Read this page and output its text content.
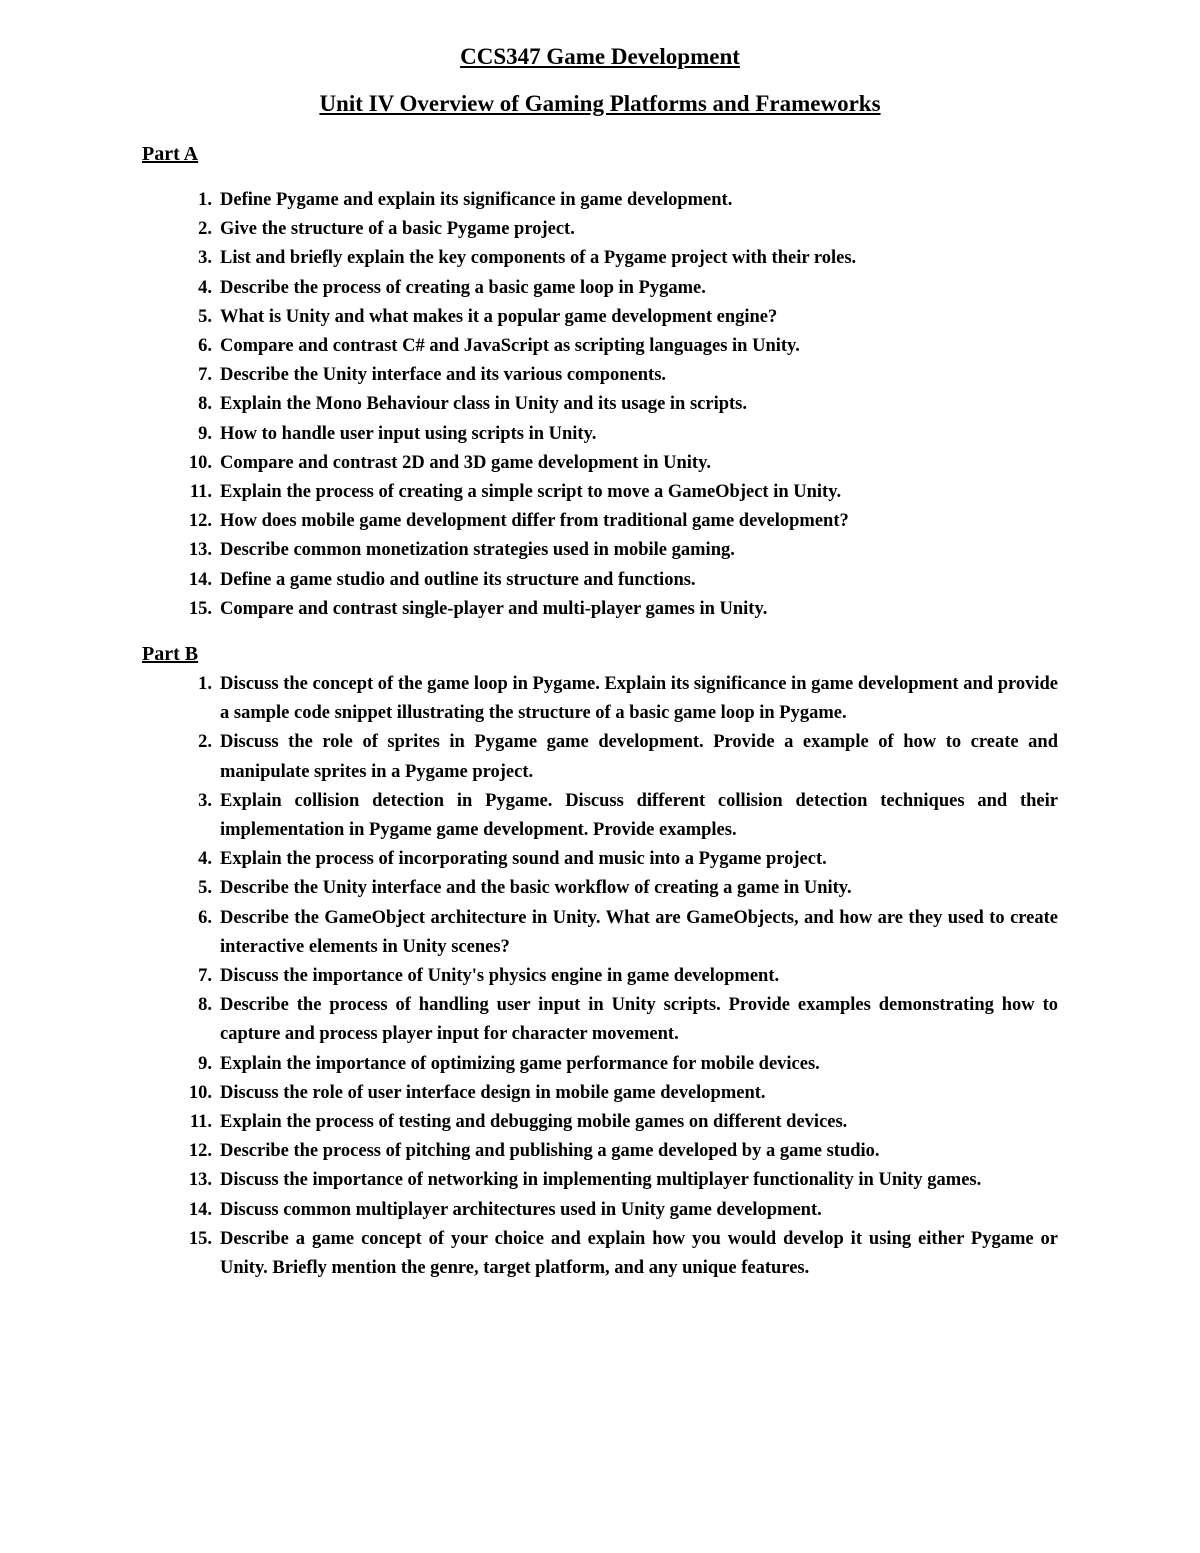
CCS347 Game Development
Unit IV Overview of Gaming Platforms and Frameworks
Part A
1. Define Pygame and explain its significance in game development.
2. Give the structure of a basic Pygame project.
3. List and briefly explain the key components of a Pygame project with their roles.
4. Describe the process of creating a basic game loop in Pygame.
5. What is Unity and what makes it a popular game development engine?
6. Compare and contrast C# and JavaScript as scripting languages in Unity.
7. Describe the Unity interface and its various components.
8. Explain the Mono Behaviour class in Unity and its usage in scripts.
9. How to handle user input using scripts in Unity.
10. Compare and contrast 2D and 3D game development in Unity.
11. Explain the process of creating a simple script to move a GameObject in Unity.
12. How does mobile game development differ from traditional game development?
13. Describe common monetization strategies used in mobile gaming.
14. Define a game studio and outline its structure and functions.
15. Compare and contrast single-player and multi-player games in Unity.
Part B
1. Discuss the concept of the game loop in Pygame. Explain its significance in game development and provide a sample code snippet illustrating the structure of a basic game loop in Pygame.
2. Discuss the role of sprites in Pygame game development. Provide a example of how to create and manipulate sprites in a Pygame project.
3. Explain collision detection in Pygame. Discuss different collision detection techniques and their implementation in Pygame game development. Provide examples.
4. Explain the process of incorporating sound and music into a Pygame project.
5. Describe the Unity interface and the basic workflow of creating a game in Unity.
6. Describe the GameObject architecture in Unity. What are GameObjects, and how are they used to create interactive elements in Unity scenes?
7. Discuss the importance of Unity's physics engine in game development.
8. Describe the process of handling user input in Unity scripts. Provide examples demonstrating how to capture and process player input for character movement.
9. Explain the importance of optimizing game performance for mobile devices.
10. Discuss the role of user interface design in mobile game development.
11. Explain the process of testing and debugging mobile games on different devices.
12. Describe the process of pitching and publishing a game developed by a game studio.
13. Discuss the importance of networking in implementing multiplayer functionality in Unity games.
14. Discuss common multiplayer architectures used in Unity game development.
15. Describe a game concept of your choice and explain how you would develop it using either Pygame or Unity. Briefly mention the genre, target platform, and any unique features.
